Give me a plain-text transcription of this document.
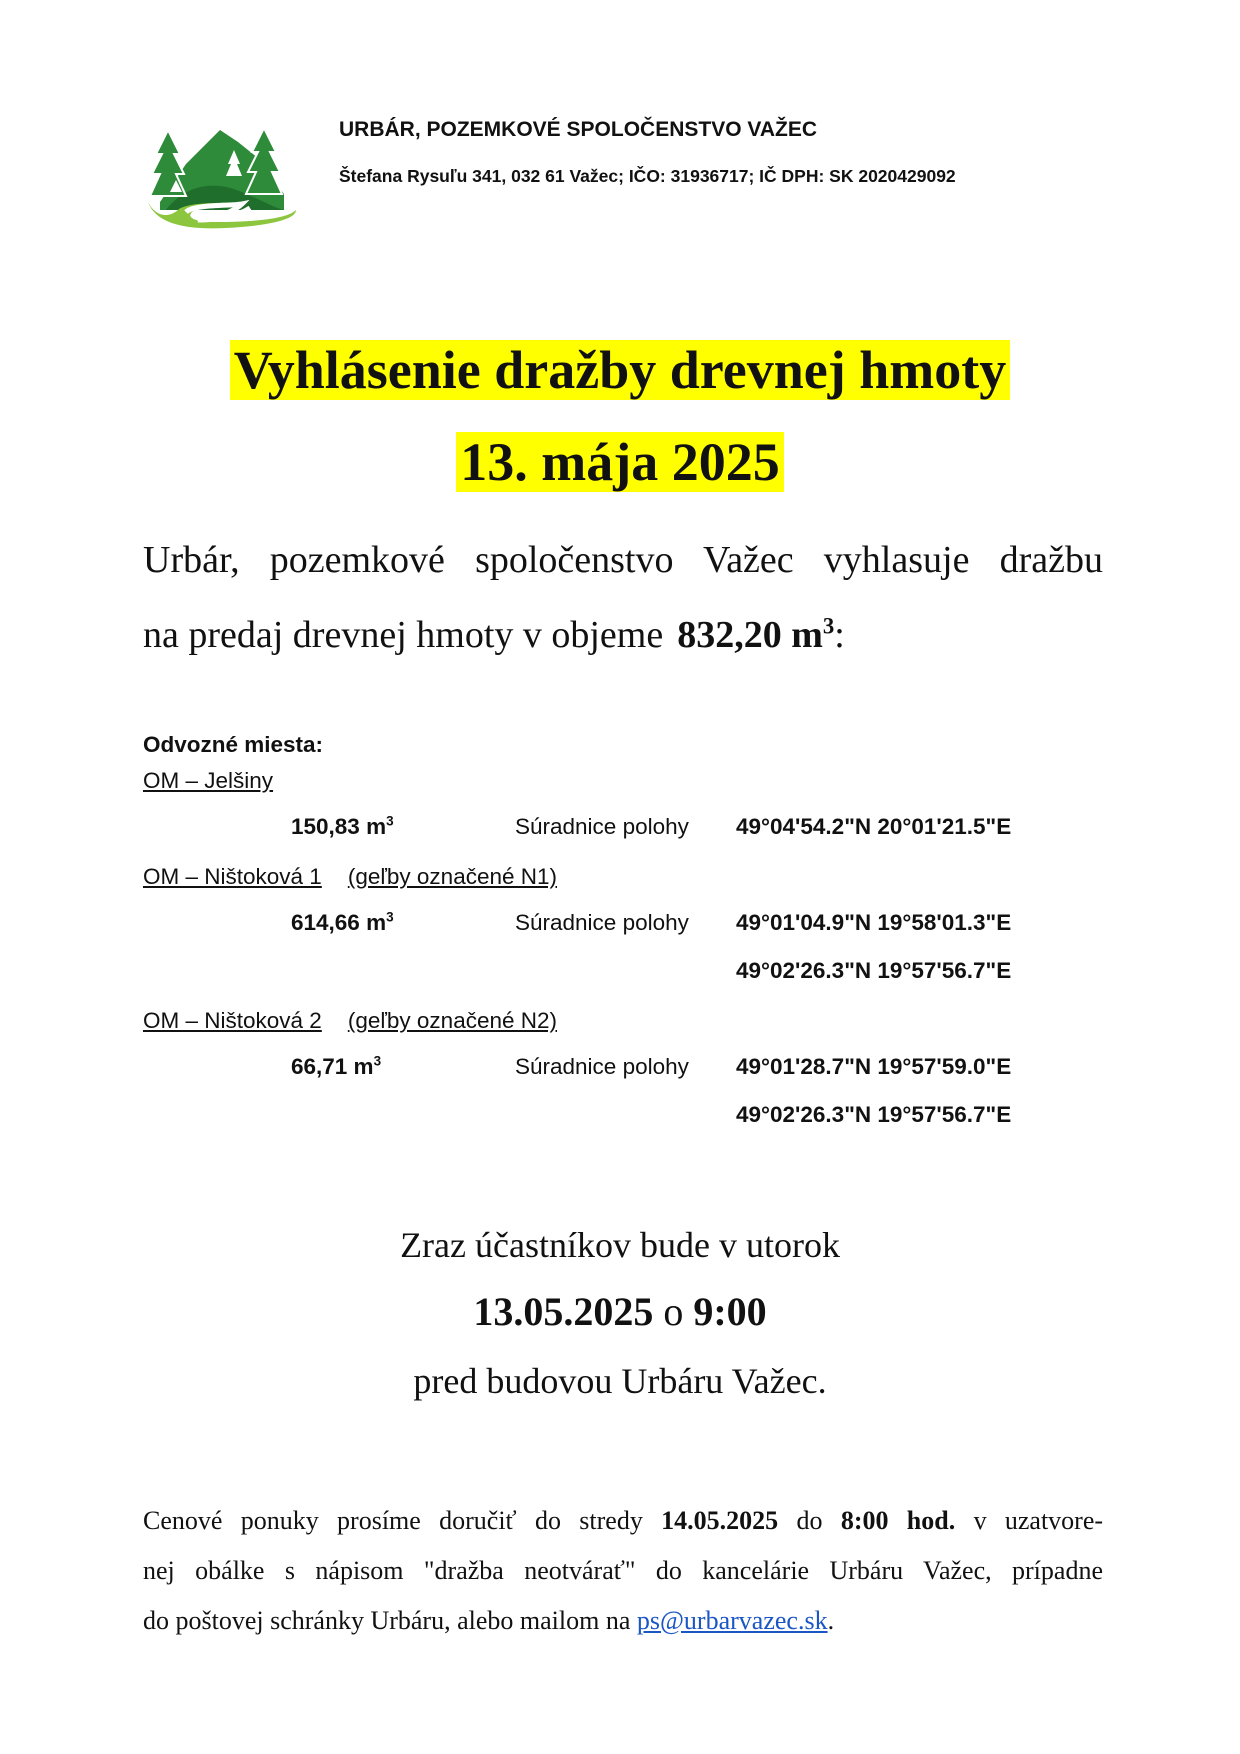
URBÁR, POZEMKOVÉ SPOLOČENSTVO VAŽEC
Štefana Rysuľu 341, 032 61 Važec; IČO: 31936717; IČ DPH: SK 2020429092
Vyhlásenie dražby drevnej hmoty
13. mája 2025
Urbár, pozemkové spoločenstvo Važec vyhlasuje dražbu
na predaj drevnej hmoty v objeme 832,20 $m^3$:
Odvozné miesta:
OM – Jelšiny
150,83 $m^3$	Súradnice polohy 49°04'54.2"N 20°01'21.5"E
OM – Ništoková 1 (geľby označené N1)
614,66 $m^3$	Súradnice polohy 49°01'04.9"N 19°58'01.3"E
49°02'26.3"N 19°57'56.7"E
OM – Ništoková 2 (geľby označené N2)
66,71 $m^3$	Súradnice polohy 49°01'28.7"N 19°57'59.0"E
49°02'26.3"N 19°57'56.7"E
Zraz účastníkov bude v utorok
13.05.2025 o 9:00
pred budovou Urbáru Važec.
Cenové ponuky prosíme doručiť do stredy 14.05.2025 do 8:00 hod. v uzatvore-
nej obálke s nápisom "dražba neotvárať" do kancelárie Urbáru Važec, prípadne
do poštovej schránky Urbáru, alebo mailom na ps@urbarvazec.sk.
